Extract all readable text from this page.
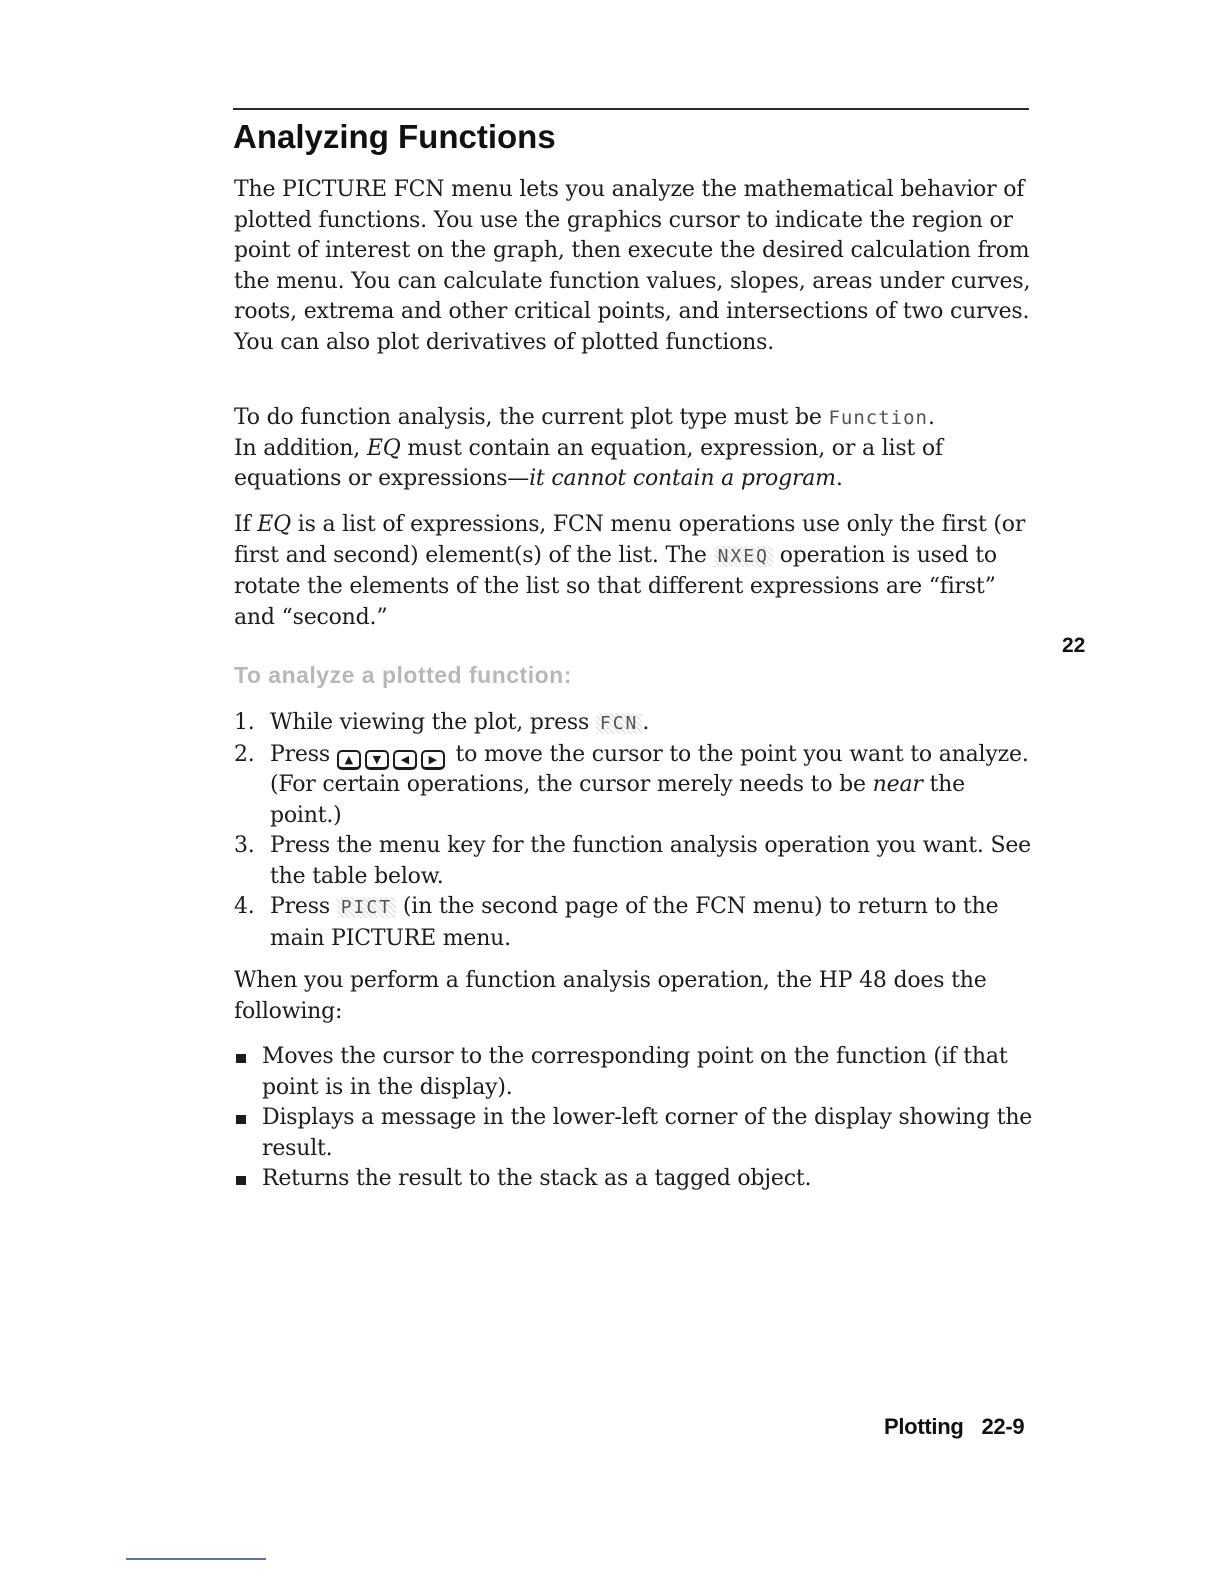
Analyzing Functions

The PICTURE FCN menu lets you analyze the mathematical behavior of plotted functions. You use the graphics cursor to indicate the region or point of interest on the graph, then execute the desired calculation from the menu. You can calculate function values, slopes, areas under curves, roots, extrema and other critical points, and intersections of two curves. You can also plot derivatives of plotted functions.

To do function analysis, the current plot type must be Function.
In addition, EQ must contain an equation, expression, or a list of equations or expressions—it cannot contain a program.

If EQ is a list of expressions, FCN menu operations use only the first (or first and second) element(s) of the list. The NXEQ operation is used to rotate the elements of the list so that different expressions are “first” and “second.”

22
To analyze a plotted function:
1. While viewing the plot, press FCN .
2. Press ▲ ▼ ◀ ▶ to move the cursor to the point you want to analyze. (For certain operations, the cursor merely needs to be near the point.)
3. Press the menu key for the function analysis operation you want. See the table below.
4. Press PICT (in the second page of the FCN menu) to return to the main PICTURE menu.

When you perform a function analysis operation, the HP 48 does the following:

Moves the cursor to the corresponding point on the function (if that point is in the display).
Displays a message in the lower-left corner of the display showing the result.
Returns the result to the stack as a tagged object.
Plotting 22-9
